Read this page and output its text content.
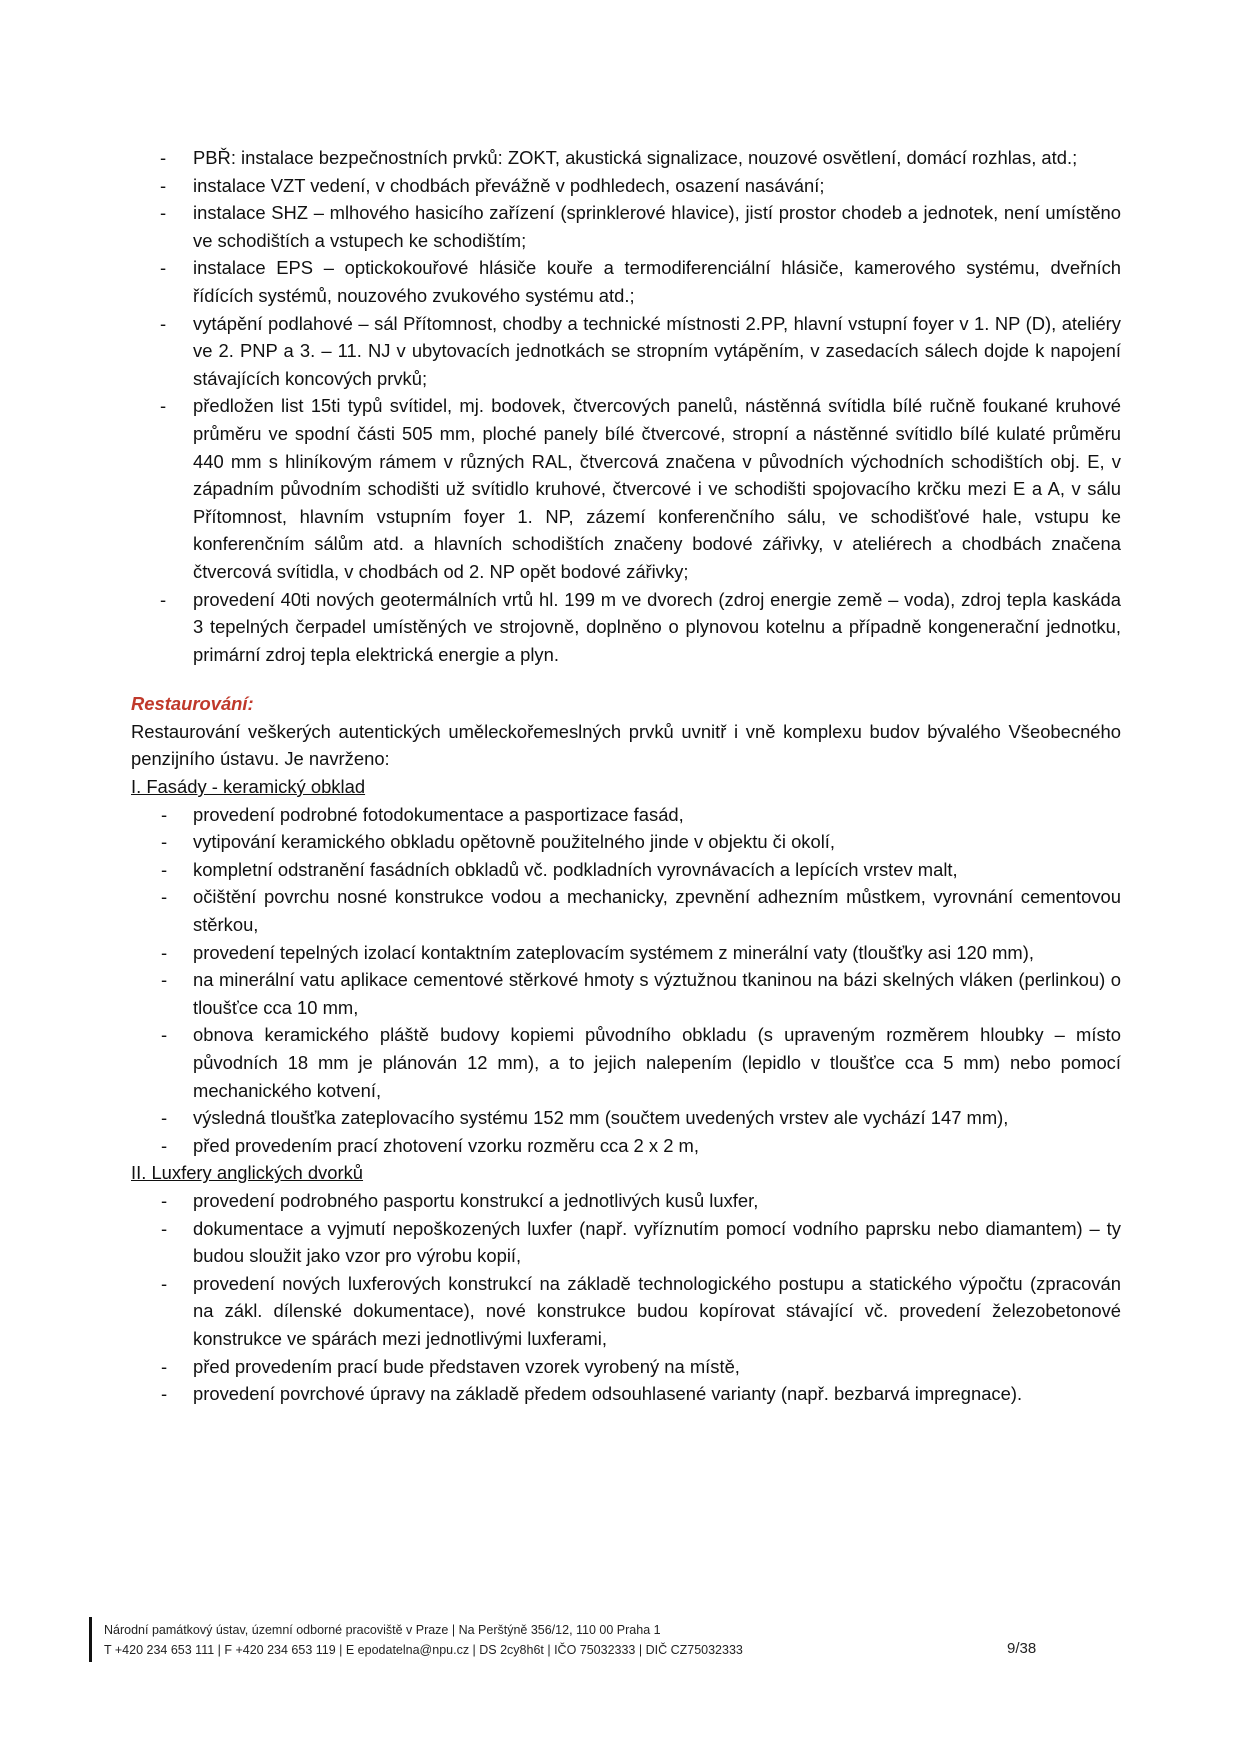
- PBŘ: instalace bezpečnostních prvků: ZOKT, akustická signalizace, nouzové osvětlení, domácí rozhlas, atd.;
- instalace VZT vedení, v chodbách převážně v podhledech, osazení nasávání;
- instalace SHZ – mlhového hasicího zařízení (sprinklerové hlavice), jistí prostor chodeb a jednotek, není umístěno ve schodištích a vstupech ke schodištím;
- instalace EPS – optickokouřové hlásiče kouře a termodiferenciální hlásiče, kamerového systému, dveřních řídících systémů, nouzového zvukového systému atd.;
- vytápění podlahové – sál Přítomnost, chodby a technické místnosti 2.PP, hlavní vstupní foyer v 1. NP (D), ateliéry ve 2. PNP a 3. – 11. NJ v ubytovacích jednotkách se stropním vytápěním, v zasedacích sálech dojde k napojení stávajících koncových prvků;
- předložen list 15ti typů svítidel, mj. bodovek, čtvercových panelů, nástěnná svítidla bílé ručně foukané kruhové průměru ve spodní části 505 mm, ploché panely bílé čtvercové, stropní a nástěnné svítidlo bílé kulaté průměru 440 mm s hliníkovým rámem v různých RAL, čtvercová značena v původních východních schodištích obj. E, v západním původním schodišti už svítidlo kruhové, čtvercové i ve schodišti spojovacího krčku mezi E a A, v sálu Přítomnost, hlavním vstupním foyer 1. NP, zázemí konferenčního sálu, ve schodišťové hale, vstupu ke konferenčním sálům atd. a hlavních schodištích značeny bodové zářivky, v ateliérech a chodbách značena čtvercová svítidla, v chodbách od 2. NP opět bodové zářivky;
- provedení 40ti nových geotermálních vrtů hl. 199 m ve dvorech (zdroj energie země – voda), zdroj tepla kaskáda 3 tepelných čerpadel umístěných ve strojovně, doplněno o plynovou kotelnu a případně kongenerační jednotku, primární zdroj tepla elektrická energie a plyn.
Restaurování:
Restaurování veškerých autentických uměleckořemeslných prvků uvnitř i vně komplexu budov bývalého Všeobecného penzijního ústavu. Je navrženo:
I. Fasády - keramický obklad
- provedení podrobné fotodokumentace a pasportizace fasád,
- vytipování keramického obkladu opětovně použitelného jinde v objektu či okolí,
- kompletní odstranění fasádních obkladů vč. podkladních vyrovnávacích a lepících vrstev malt,
- očištění povrchu nosné konstrukce vodou a mechanicky, zpevnění adhezním můstkem, vyrovnání cementovou stěrkou,
- provedení tepelných izolací kontaktním zateplovacím systémem z minerální vaty (tloušťky asi 120 mm),
- na minerální vatu aplikace cementové stěrkové hmoty s výztužnou tkaninou na bázi skelných vláken (perlinkou) o tloušťce cca 10 mm,
- obnova keramického pláště budovy kopiemi původního obkladu (s upraveným rozměrem hloubky – místo původních 18 mm je plánován 12 mm), a to jejich nalepením (lepidlo v tloušťce cca 5 mm) nebo pomocí mechanického kotvení,
- výsledná tloušťka zateplovacího systému 152 mm (součtem uvedených vrstev ale vychází 147 mm),
- před provedením prací zhotovení vzorku rozměru cca 2 x 2 m,
II. Luxfery anglických dvorků
- provedení podrobného pasportu konstrukcí a jednotlivých kusů luxfer,
- dokumentace a vyjmutí nepoškozených luxfer (např. vyříznutím pomocí vodního paprsku nebo diamantem) – ty budou sloužit jako vzor pro výrobu kopií,
- provedení nových luxferových konstrukcí na základě technologického postupu a statického výpočtu (zpracován na zákl. dílenské dokumentace), nové konstrukce budou kopírovat stávající vč. provedení železobetonové konstrukce ve spárách mezi jednotlivými luxferami,
- před provedením prací bude představen vzorek vyrobený na místě,
- provedení povrchové úpravy na základě předem odsouhlasené varianty (např. bezbarvá impregnace).
Národní památkový ústav, územní odborné pracoviště v Praze | Na Perštýně 356/12, 110 00 Praha 1
T +420 234 653 111 | F +420 234 653 119 | E epodatelna@npu.cz | DS 2cy8h6t | IČO 75032333 | DIČ CZ75032333	9/38
